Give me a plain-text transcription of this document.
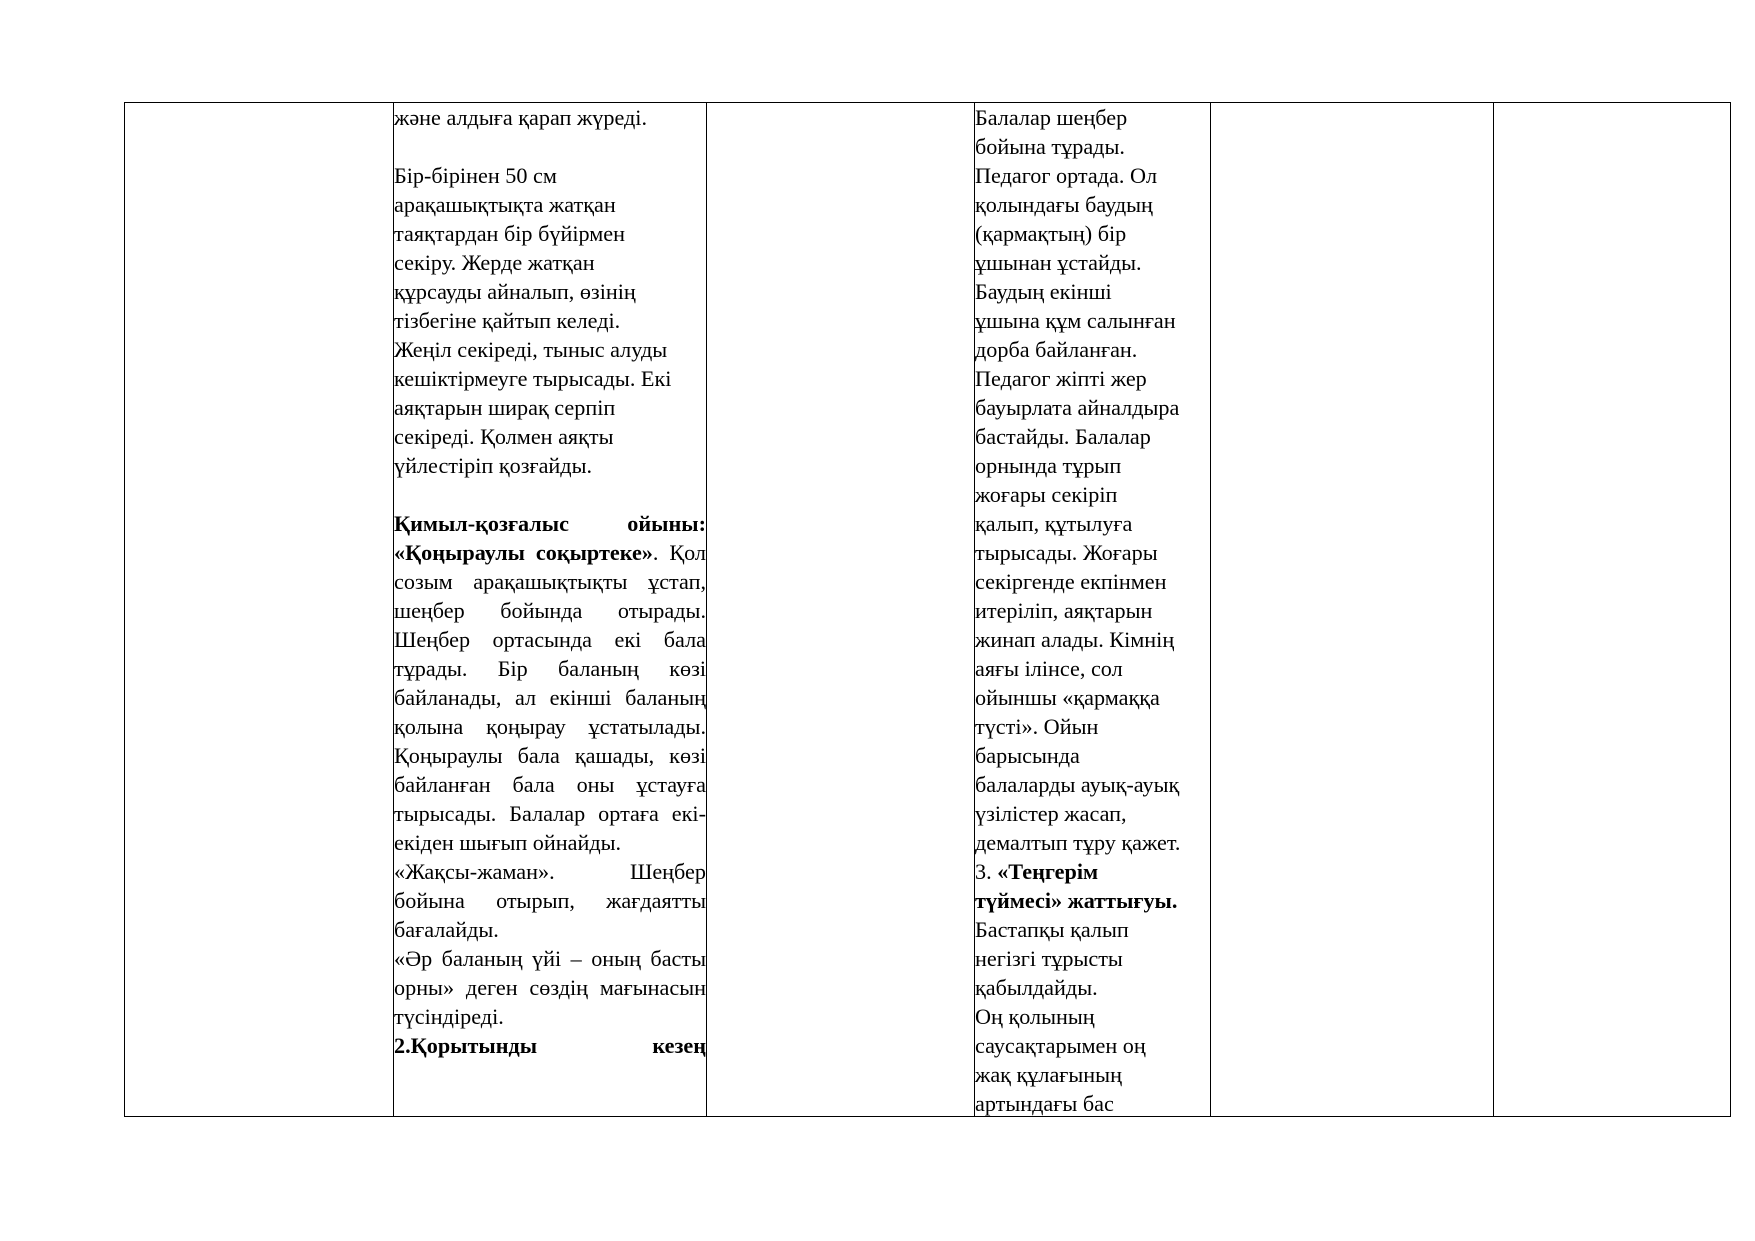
және алдыға қарап жүреді.

Бір-бірінен 50 см арақашықтықта жатқан таяқтардан бір бүйірмен секіру. Жерде жатқан құрсауды айналып, өзінің тізбегіне қайтып келеді. Жеңіл секіреді, тыныс алуды кешіктірмеуге тырысады. Екі аяқтарын ширақ серпіп секіреді. Қолмен аяқты үйлестіріп қозғайды.

Қимыл-қозғалыс ойыны: «Қоңыраулы соқыртеке». Қол созым арақашықтықты ұстап, шеңбер бойында отырады. Шеңбер ортасында екі бала тұрады. Бір баланың көзі байланады, ал екінші баланың қолына қоңырау ұстатылады. Қоңыраулы бала қашады, көзі байланған бала оны ұстауға тырысады. Балалар ортаға екі-екіден шығып ойнайды.

«Жақсы-жаман». Шеңбер бойына отырып, жағдаятты бағалайды.

«Әр баланың үйі – оның басты орны» деген сөздің мағынасын түсіндіреді.

2.Қорытынды кезең

Балалар шеңбер

бойына тұрады.

Педагог ортада. Ол

қолындағы баудың

(қармақтың) бір

ұшынан ұстайды.

Баудың екінші

ұшына құм салынған

дорба байланған.

Педагог жіпті жер

бауырлата айналдыра

бастайды. Балалар

орнында тұрып

жоғары секіріп

қалып, құтылуға

тырысады. Жоғары

секіргенде екпінмен

итеріліп, аяқтарын

жинап алады. Кімнің

аяғы ілінсе, сол

ойыншы «қармаққа

түсті». Ойын

барысында

балаларды ауық-ауық

үзілістер жасап,

демалтып тұру қажет.

3. «Теңгерім

түймесі» жаттығуы.

Бастапқы қалып

негізгі тұрысты

қабылдайды.

Оң қолының

саусақтарымен оң

жақ құлағының

артындағы бас
